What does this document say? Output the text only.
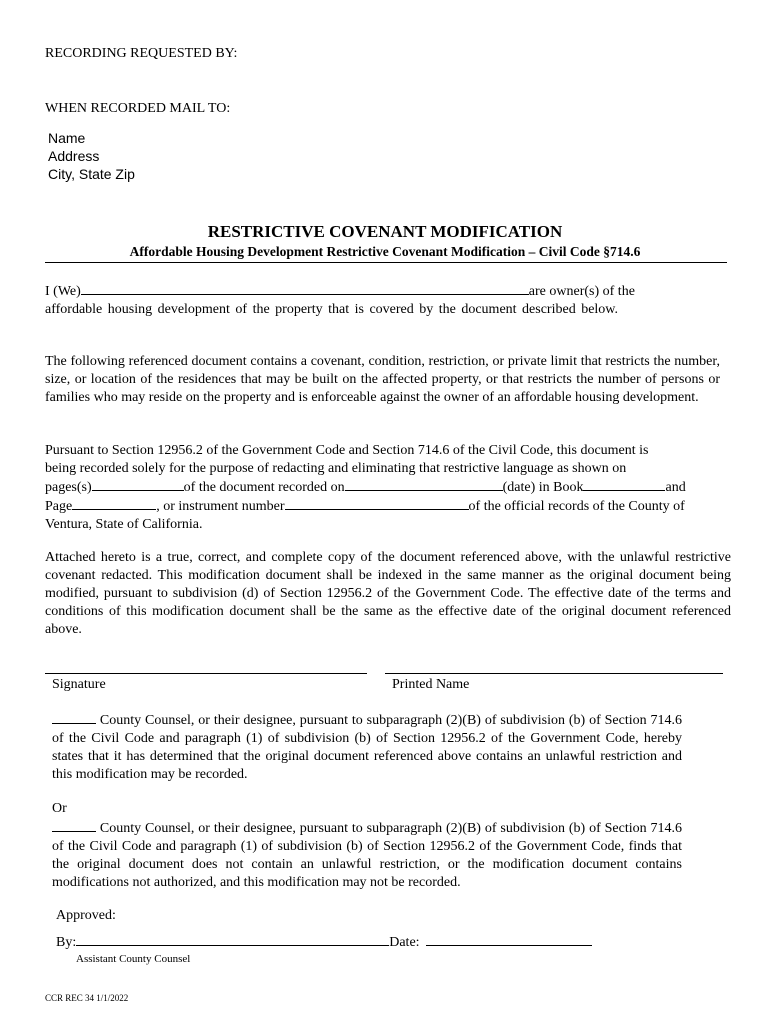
RECORDING REQUESTED BY:
WHEN RECORDED MAIL TO:
Name
Address
City, State Zip
RESTRICTIVE COVENANT MODIFICATION
Affordable Housing Development Restrictive Covenant Modification – Civil Code §714.6
I (We)	are owner(s) of the
affordable housing development of the property that is covered by the document described below.
The following referenced document contains a covenant, condition, restriction, or private limit that restricts the number, size, or location of the residences that may be built on the affected property, or that restricts the number of persons or families who may reside on the property and is enforceable against the owner of an affordable housing development.
Pursuant to Section 12956.2 of the Government Code and Section 714.6 of the Civil Code, this document is
being recorded solely for the purpose of redacting and eliminating that restrictive language as shown on
pages(s)	of the document recorded on	(date) in Book	and
Page	, or instrument number	of the official records of the County of
Ventura, State of California.
Attached hereto is a true, correct, and complete copy of the document referenced above, with the unlawful restrictive covenant redacted. This modification document shall be indexed in the same manner as the original document being modified, pursuant to subdivision (d) of Section 12956.2 of the Government Code. The effective date of the terms and conditions of this modification document shall be the same as the effective date of the original document referenced above.
Signature	Printed Name
County Counsel, or their designee, pursuant to subparagraph (2)(B) of subdivision (b) of Section 714.6 of the Civil Code and paragraph (1) of subdivision (b) of Section 12956.2 of the Government Code, hereby states that it has determined that the original document referenced above contains an unlawful restriction and this modification may be recorded.
Or
County Counsel, or their designee, pursuant to subparagraph (2)(B) of subdivision (b) of Section 714.6 of the Civil Code and paragraph (1) of subdivision (b) of Section 12956.2 of the Government Code, finds that the original document does not contain an unlawful restriction, or the modification document contains modifications not authorized, and this modification may not be recorded.
Approved:
By:	Date:
Assistant County Counsel
CCR REC 34 1/1/2022
